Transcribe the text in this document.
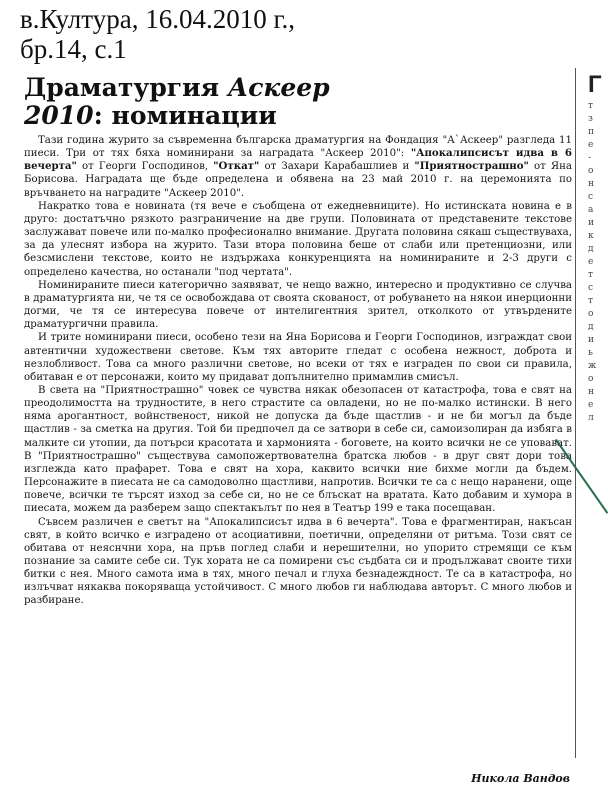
в.Култура, 16.04.2010 г.,
бр.14, с.1
Г
т
з
п
е
-
о
н
с
а
и
к
д
е
т
с
т
о
д
и
ь
ж
о
н
е
л
Драматургия Аскеер
2010: номинации

Тази година журито за съвременна българска драматургия на Фондация "А`Аскеер" разгледа 11 пиеси. Три от тях бяха номинирани за наградата "Аскеер 2010": "Апокалипсисът идва в 6 вечерта" от Георги Господинов, "Откат" от Захари Карабашлиев и "Приятнострашно" от Яна Борисова. Наградата ще бъде определена и обявена на 23 май 2010 г. на церемонията по връчването на наградите "Аскеер 2010".

Накратко това е новината (тя вече е съобщена от ежедневниците). Но истинската новина е в друго: достатъчно рязкото разграничение на две групи. Половината от представените текстове заслужават повече или по-малко професионално внимание. Другата половина сякаш съществуваха, за да улеснят избора на журито. Тази втора половина беше от слаби или претенциозни, или безсмислени текстове, които не издържаха конкуренцията на номинираните и 2-3 други с определено качества, но останали "под чертата".

Номинираните пиеси категорично заявяват, че нещо важно, интересно и продуктивно се случва в драматургията ни, че тя се освобождава от своята скованост, от робуването на някои инерционни догми, че тя се интересува повече от интелигентния зрител, отколкото от утвърдените драматургични правила.

И трите номинирани пиеси, особено тези на Яна Борисова и Георги Господинов, изграждат свои автентични художествени светове. Към тях авторите гледат с особена нежност, доброта и незлобливост. Това са много различни светове, но всеки от тях е изграден по свои си правила, обитаван е от персонажи, които му придават допълнително примамлив смисъл.

В света на "Приятнострашно" човек се чувства някак обезопасен от катастрофа, това е свят на преодолимостта на трудностите, в него страстите са овладени, но не по-малко истински. В него няма арогантност, войнственост, никой не допуска да бъде щастлив - и не би могъл да бъде щастлив - за сметка на другия. Той би предпочел да се затвори в себе си, самоизолиран да избяга в малките си утопии, да потърси красотата и хармонията - боговете, на които всички не се уповават. В "Приятнострашно" съществува самопожертвователна братска любов - в друг свят дори това изглежда като прафарет. Това е свят на хора, каквито всички ние бихме могли да бъдем. Персонажите в пиесата не са самодоволно щастливи, напротив. Всички те са с нещо наранени, още повече, всички те търсят изход за себе си, но не се блъскат на вратата. Като добавим и хумора в пиесата, можем да разберем защо спектакълът по нея в Театър 199 е така посещаван.

Съвсем различен е светът на "Апокалипсисът идва в 6 вечерта". Това е фрагментиран, накъсан свят, в който всичко е изградено от асоциативни, поетични, определяни от ритъма. Този свят се обитава от неяснчни хора, на пръв поглед слаби и нерешителни, но упорито стремящи се към познание за самите себе си. Тук хората не са помирени със съдбата си и продължават своите тихи битки с нея. Много самота има в тях, много печал и глуха безнадеждност. Те са в катастрофа, но излъчват някаква покоряваща устойчивост. С много любов ги наблюдава авторът. С много любов и разбиране.

Никола Вандов
